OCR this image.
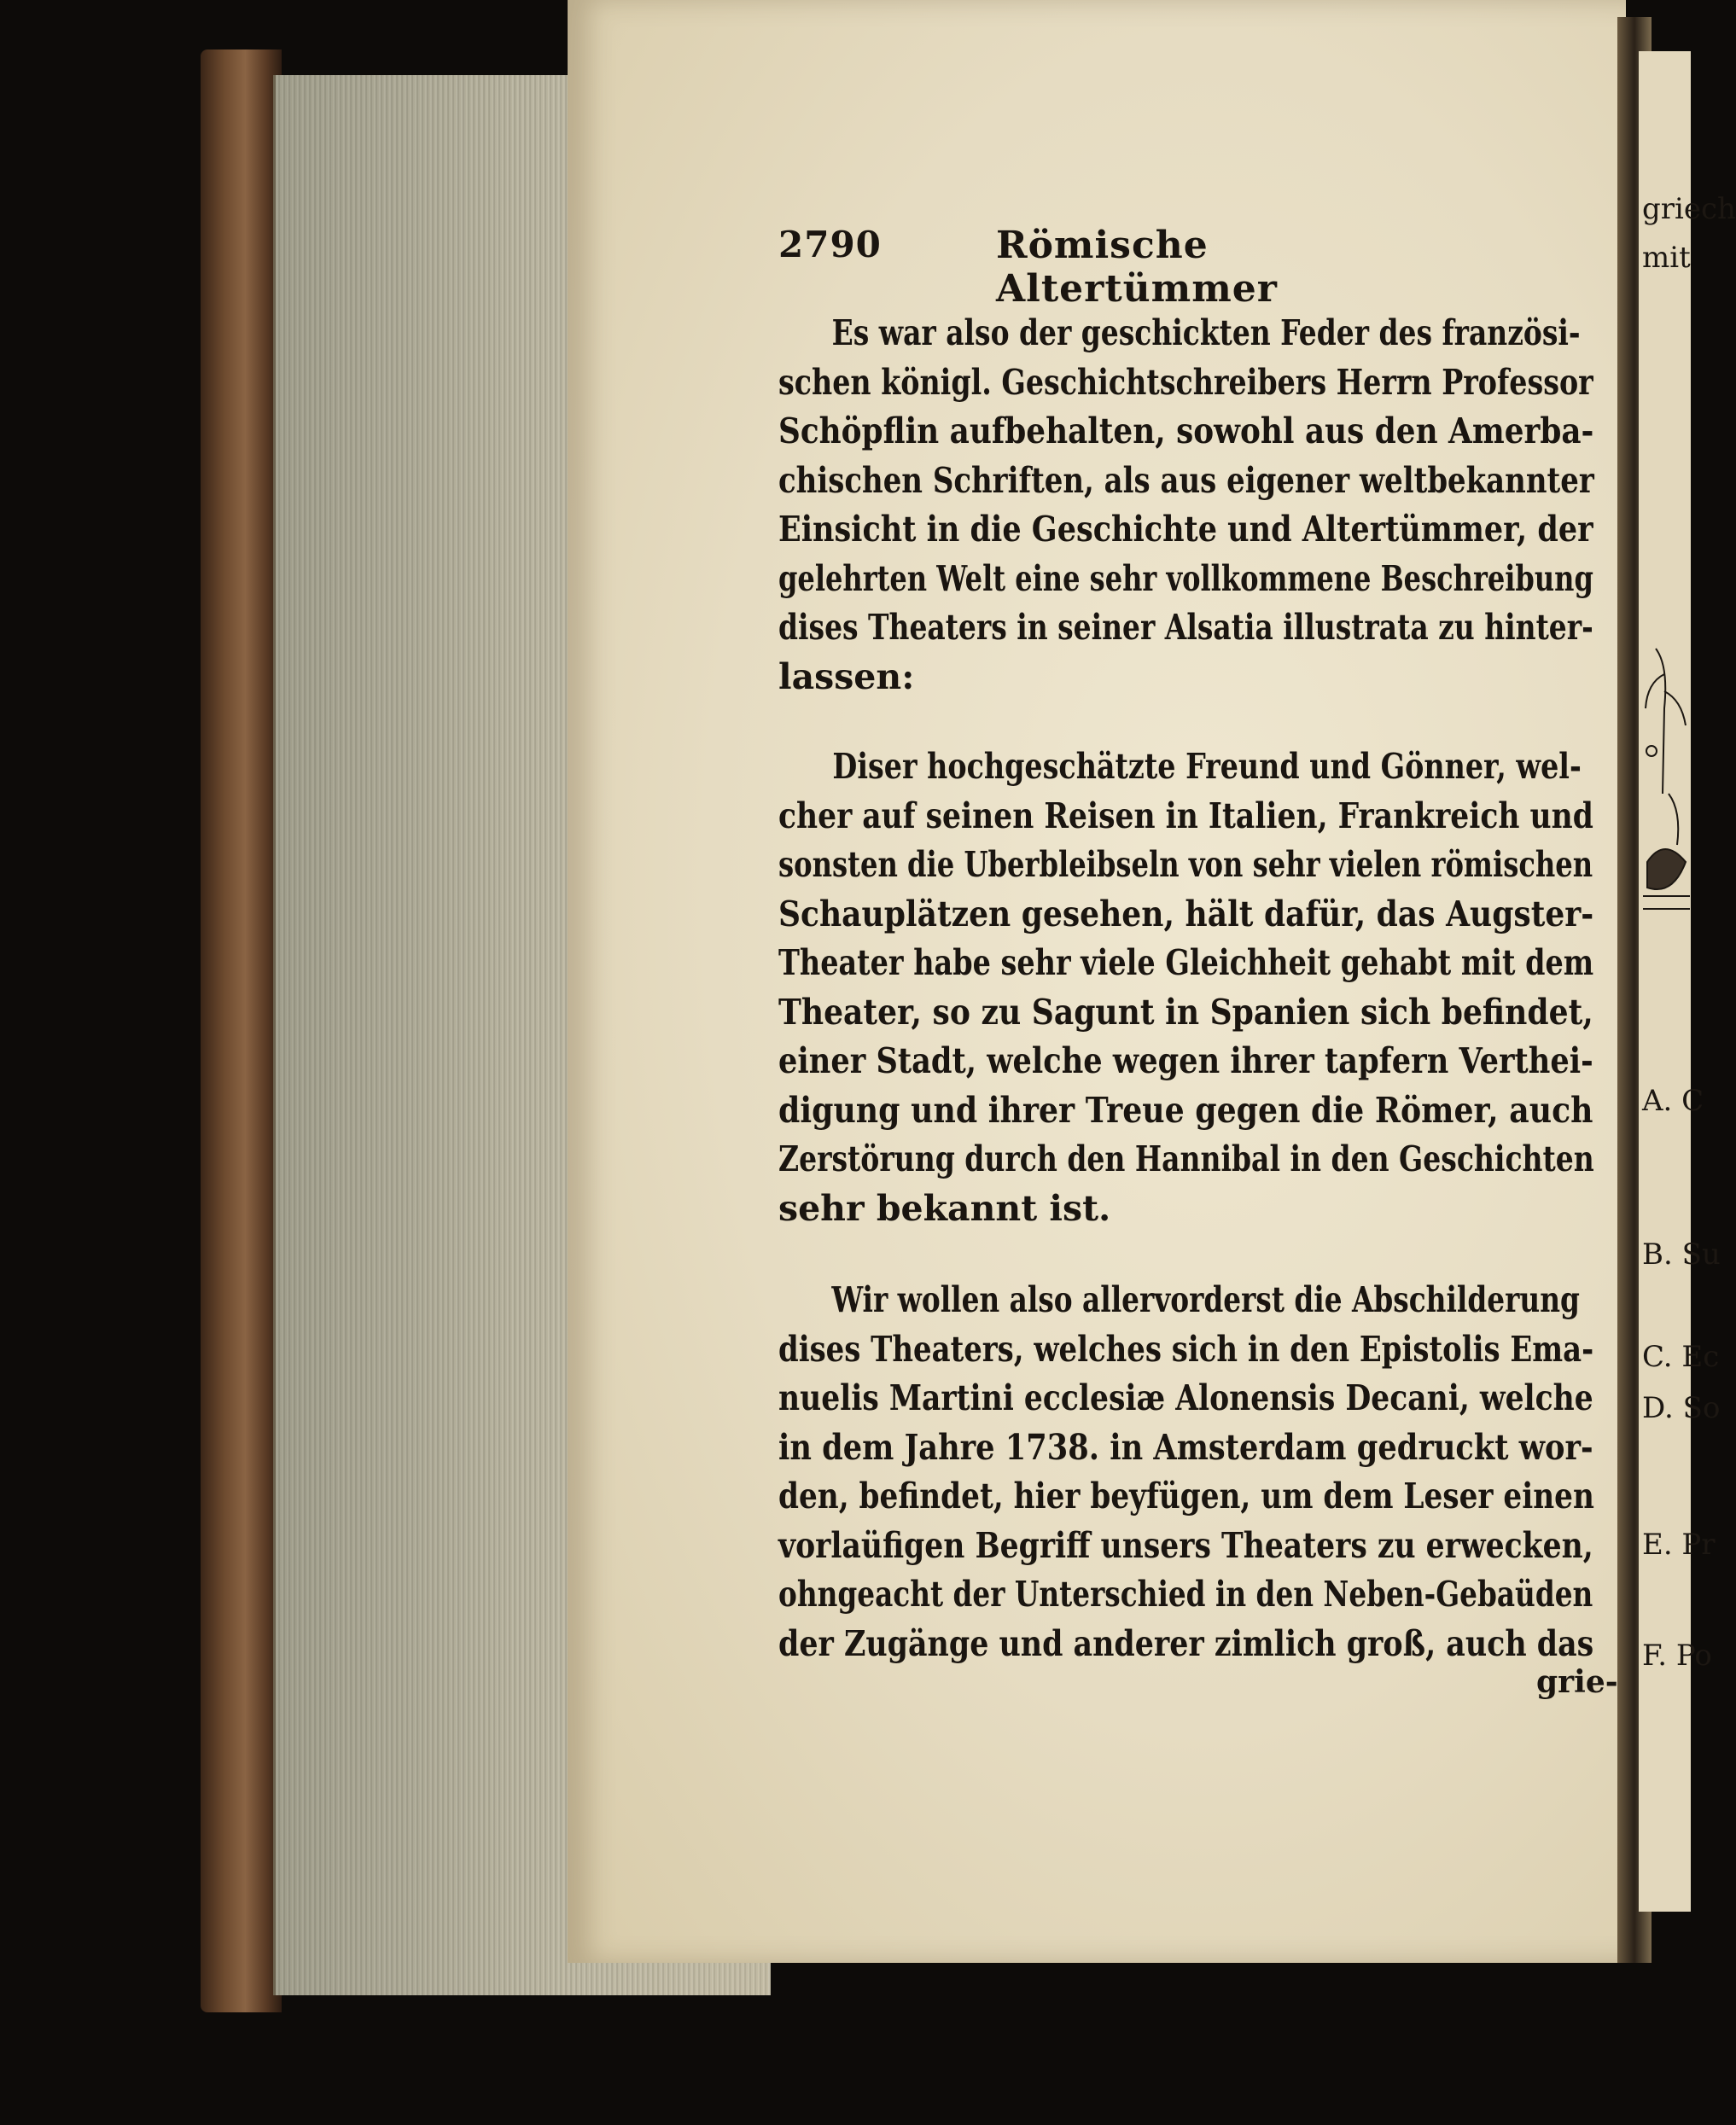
griech
mit
A. C
B. Su
C. Ec
D. So
E. Pr
F. Po
2790	Römische Altertümmer
Es war also der geschickten Feder des französi-
schen königl. Geschichtschreibers Herrn Professor
Schöpflin aufbehalten, sowohl aus den Amerba-
chischen Schriften, als aus eigener weltbekannter
Einsicht in die Geschichte und Altertümmer, der
gelehrten Welt eine sehr vollkommene Beschreibung
dises Theaters in seiner Alsatia illustrata zu hinter-
lassen:
Diser hochgeschätzte Freund und Gönner, wel-
cher auf seinen Reisen in Italien, Frankreich und
sonsten die Uberbleibseln von sehr vielen römischen
Schauplätzen gesehen, hält dafür, das Augster-
Theater habe sehr viele Gleichheit gehabt mit dem
Theater, so zu Sagunt in Spanien sich befindet,
einer Stadt, welche wegen ihrer tapfern Verthei-
digung und ihrer Treue gegen die Römer, auch
Zerstörung durch den Hannibal in den Geschichten
sehr bekannt ist.
Wir wollen also allervorderst die Abschilderung
dises Theaters, welches sich in den Epistolis Ema-
nuelis Martini ecclesiæ Alonensis Decani, welche
in dem Jahre 1738. in Amsterdam gedruckt wor-
den, befindet, hier beyfügen, um dem Leser einen
vorlaüfigen Begriff unsers Theaters zu erwecken,
ohngeacht der Unterschied in den Neben-Gebaüden
der Zugänge und anderer zimlich groß, auch das
grie-
